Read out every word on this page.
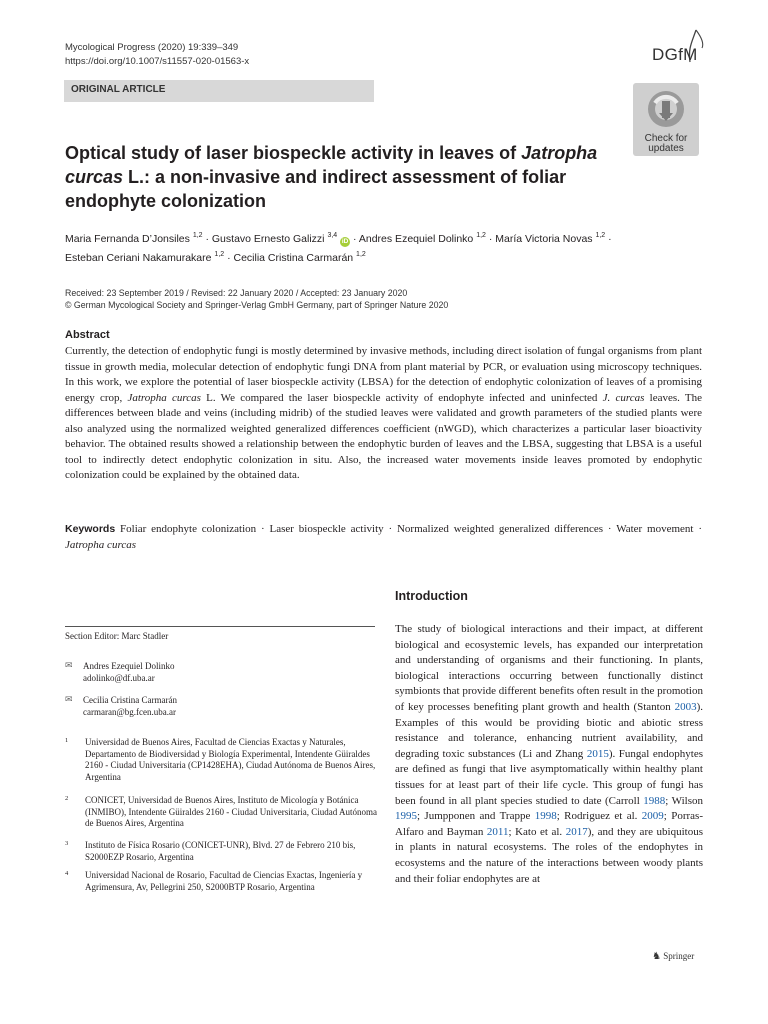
Mycological Progress (2020) 19:339–349
https://doi.org/10.1007/s11557-020-01563-x	DGfM
ORIGINAL ARTICLE
Check for
updates
Optical study of laser biospeckle activity in leaves of Jatropha curcas L.: a non-invasive and indirect assessment of foliar endophyte colonization
Maria Fernanda D’Jonsiles $^{1,2}$ · Gustavo Ernesto Galizzi $^{3,4}$ iD · Andres Ezequiel Dolinko $^{1,2}$ · María Victoria Novas $^{1,2}$ ·
Esteban Ceriani Nakamurakare $^{1,2}$ · Cecilia Cristina Carmarán $^{1,2}$
Received: 23 September 2019 / Revised: 22 January 2020 / Accepted: 23 January 2020
© German Mycological Society and Springer-Verlag GmbH Germany, part of Springer Nature 2020
Abstract
Currently, the detection of endophytic fungi is mostly determined by invasive methods, including direct isolation of fungal organisms from plant tissue in growth media, molecular detection of endophytic fungi DNA from plant material by PCR, or evaluation using microscopy techniques. In this work, we explore the potential of laser biospeckle activity (LBSA) for the detection of endophytic colonization of leaves of a promising energy crop, Jatropha curcas L. We compared the laser biospeckle activity of endophyte infected and uninfected J. curcas leaves. The differences between blade and veins (including midrib) of the studied leaves were validated and growth parameters of the studied plants were also analyzed using the normalized weighted generalized differences coefficient (nWGD), which characterizes a particular laser bioactivity behavior. The obtained results showed a relationship between the endophytic burden of leaves and the LBSA, suggesting that LBSA is a useful tool to indirectly detect endophytic colonization in situ. Also, the increased water movements inside leaves promoted by endophytic colonization could be explained by the obtained data.
Keywords Foliar endophyte colonization · Laser biospeckle activity · Normalized weighted generalized differences · Water movement · Jatropha curcas
Section Editor: Marc Stadler
✉ Andres Ezequiel Dolinko
adolinko@df.uba.ar
✉ Cecilia Cristina Carmarán
carmaran@bg.fcen.uba.ar
1 Universidad de Buenos Aires, Facultad de Ciencias Exactas y Naturales, Departamento de Biodiversidad y Biología Experimental, Intendente Güiraldes 2160 - Ciudad Universitaria (CP1428EHA), Ciudad Autónoma de Buenos Aires, Argentina
2 CONICET, Universidad de Buenos Aires, Instituto de Micología y Botánica (INMIBO), Intendente Güiraldes 2160 - Ciudad Universitaria, Ciudad Autónoma de Buenos Aires, Argentina
3 Instituto de Física Rosario (CONICET-UNR), Blvd. 27 de Febrero 210 bis, S2000EZP Rosario, Argentina
4 Universidad Nacional de Rosario, Facultad de Ciencias Exactas, Ingeniería y Agrimensura, Av, Pellegrini 250, S2000BTP Rosario, Argentina
Introduction
The study of biological interactions and their impact, at different biological and ecosystemic levels, has expanded our interpretation and understanding of organisms and their functioning. In plants, biological interactions occurring between functionally distinct symbionts that provide different benefits often result in the promotion of key processes benefiting plant growth and health (Stanton 2003). Examples of this would be providing biotic and abiotic stress resistance and tolerance, enhancing nutrient availability, and degrading toxic substances (Li and Zhang 2015). Fungal endophytes are defined as fungi that live asymptomatically within healthy plant tissues for at least part of their life cycle. This group of fungi has been found in all plant species studied to date (Carroll 1988; Wilson 1995; Jumpponen and Trappe 1998; Rodriguez et al. 2009; Porras-Alfaro and Bayman 2011; Kato et al. 2017), and they are ubiquitous in plants in natural ecosystems. The roles of the endophytes in ecosystems and the nature of the interactions between woody plants and their foliar endophytes are at
♞ Springer
